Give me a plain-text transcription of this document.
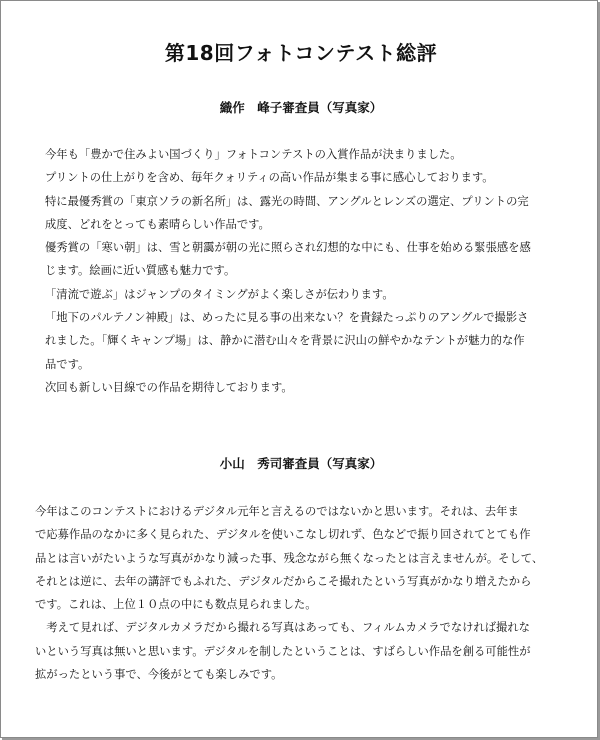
第18回フォトコンテスト総評
織作　峰子審査員（写真家）
今年も「豊かで住みよい国づくり」フォトコンテストの入賞作品が決まりました。
プリントの仕上がりを含め、毎年クォリティの高い作品が集まる事に感心しております。
特に最優秀賞の「東京ソラの新名所」は、露光の時間、アングルとレンズの選定、プリントの完
成度、どれをとっても素晴らしい作品です。
優秀賞の「寒い朝」は、雪と朝靄が朝の光に照らされ幻想的な中にも、仕事を始める緊張感を感
じます。絵画に近い質感も魅力です。
「清流で遊ぶ」はジャンプのタイミングがよく楽しさが伝わります。
「地下のパルテノン神殿」は、めったに見る事の出来ない？を貴録たっぷりのアングルで撮影さ
れました。「輝くキャンプ場」は、静かに潜む山々を背景に沢山の鮮やかなテントが魅力的な作
品です。
次回も新しい目線での作品を期待しております。
小山　秀司審査員（写真家）
今年はこのコンテストにおけるデジタル元年と言えるのではないかと思います。それは、去年ま
で応募作品のなかに多く見られた、デジタルを使いこなし切れず、色などで振り回されてとても作
品とは言いがたいような写真がかなり減った事、残念ながら無くなったとは言えませんが。そして、
それとは逆に、去年の講評でもふれた、デジタルだからこそ撮れたという写真がかなり増えたから
です。これは、上位１０点の中にも数点見られました。
　考えて見れば、デジタルカメラだから撮れる写真はあっても、フィルムカメラでなければ撮れな
いという写真は無いと思います。デジタルを制したということは、すばらしい作品を創る可能性が
拡がったという事で、今後がとても楽しみです。
